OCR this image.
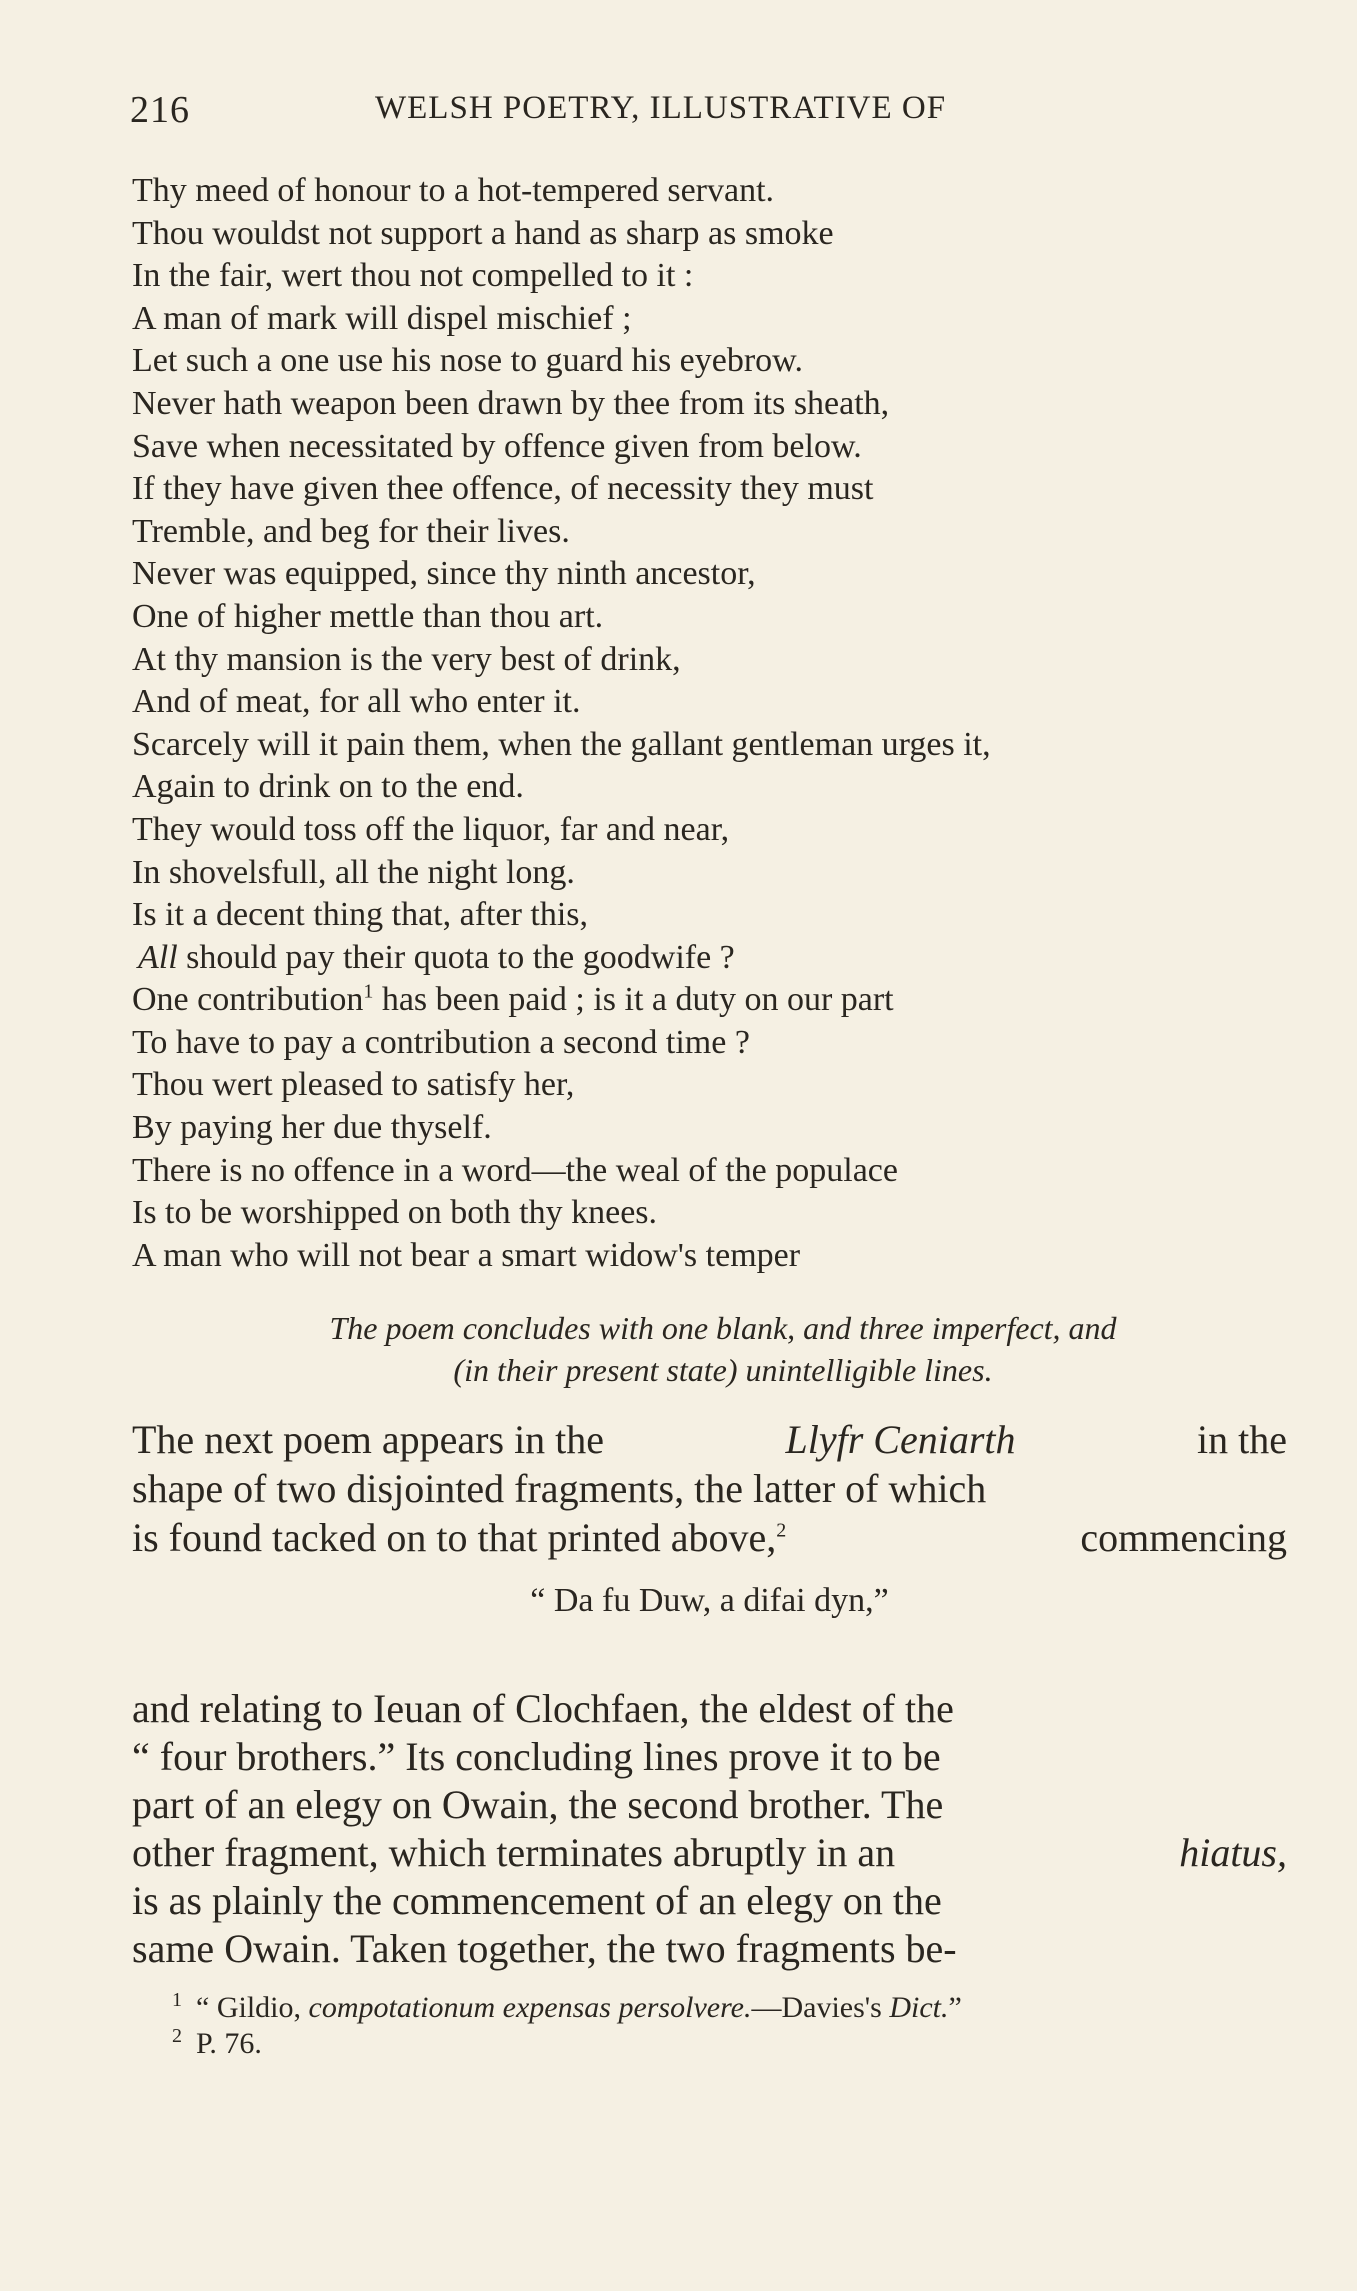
216	WELSH POETRY, ILLUSTRATIVE OF
Thy meed of honour to a hot-tempered servant.
Thou wouldst not support a hand as sharp as smoke
In the fair, wert thou not compelled to it :
A man of mark will dispel mischief ;
Let such a one use his nose to guard his eyebrow.
Never hath weapon been drawn by thee from its sheath,
Save when necessitated by offence given from below.
If they have given thee offence, of necessity they must
Tremble, and beg for their lives.
Never was equipped, since thy ninth ancestor,
One of higher mettle than thou art.
At thy mansion is the very best of drink,
And of meat, for all who enter it.
Scarcely will it pain them, when the gallant gentleman urges it,
Again to drink on to the end.
They would toss off the liquor, far and near,
In shovelsfull, all the night long.
Is it a decent thing that, after this,
All should pay their quota to the goodwife ?
One contribution$^1$ has been paid ; is it a duty on our part
To have to pay a contribution a second time ?
Thou wert pleased to satisfy her,
By paying her due thyself.
There is no offence in a word—the weal of the populace
Is to be worshipped on both thy knees.
A man who will not bear a smart widow's temper
The poem concludes with one blank, and three imperfect, and
(in their present state) unintelligible lines.
The next poem appears in the	Llyfr Ceniarth	in the
shape of two disjointed fragments, the latter of which
is found tacked on to that printed above,$^2$	commencing
“ Da fu Duw, a difai dyn,”
and relating to Ieuan of Clochfaen, the eldest of the
“ four brothers.” Its concluding lines prove it to be
part of an elegy on Owain, the second brother. The
other fragment, which terminates abruptly in an	hiatus,
is as plainly the commencement of an elegy on the
same Owain. Taken together, the two fragments be-
$^1$ “ Gildio, compotationum expensas persolvere.—Davies's Dict.”
$^2$ P. 76.
